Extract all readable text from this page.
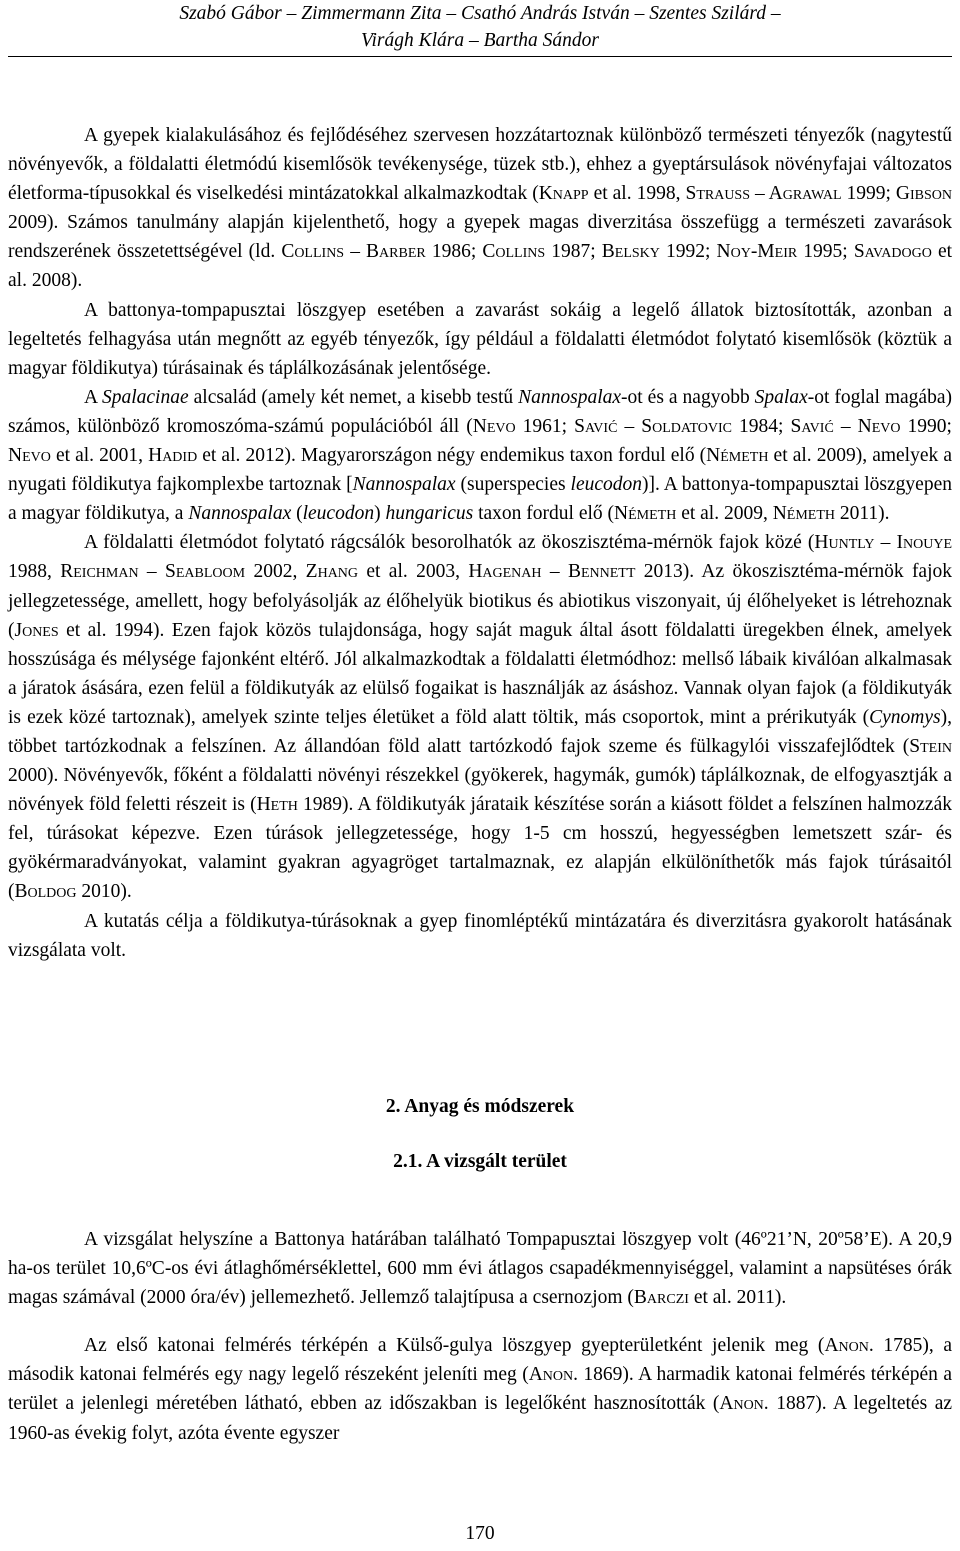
Szabó Gábor – Zimmermann Zita – Csathó András István – Szentes Szilárd –
Virágh Klára – Bartha Sándor

A gyepek kialakulásához és fejlődéséhez szervesen hozzátartoznak különböző természeti tényezők (nagytestű növényevők, a földalatti életmódú kisemlősök tevékenysége, tüzek stb.), ehhez a gyeptársulások növényfajai változatos életforma-típusokkal és viselkedési mintázatokkal alkalmazkodtak (Knapp et al. 1998, Strauss – Agrawal 1999; Gibson 2009). Számos tanulmány alapján kijelenthető, hogy a gyepek magas diverzitása összefügg a természeti zavarások rendszerének összetettségével (ld. Collins – Barber 1986; Collins 1987; Belsky 1992; Noy-Meir 1995; Savadogo et al. 2008).

A battonya-tompapusztai löszgyep esetében a zavarást sokáig a legelő állatok biztosították, azonban a legeltetés felhagyása után megnőtt az egyéb tényezők, így például a földalatti életmódot folytató kisemlősök (köztük a magyar földikutya) túrásainak és táplálkozásának jelentősége.

A Spalacinae alcsalád (amely két nemet, a kisebb testű Nannospalax-ot és a nagyobb Spalax-ot foglal magába) számos, különböző kromoszóma-számú populációból áll (Nevo 1961; Savić – Soldatovic 1984; Savić – Nevo 1990; Nevo et al. 2001, Hadid et al. 2012). Magyarországon négy endemikus taxon fordul elő (Németh et al. 2009), amelyek a nyugati földikutya fajkomplexbe tartoznak [Nannospalax (superspecies leucodon)]. A battonya-tompapusztai löszgyepen a magyar földikutya, a Nannospalax (leucodon) hungaricus taxon fordul elő (Németh et al. 2009, Németh 2011).

A földalatti életmódot folytató rágcsálók besorolhatók az ökoszisztéma-mérnök fajok közé (Huntly – Inouye 1988, Reichman – Seabloom 2002, Zhang et al. 2003, Hagenah – Bennett 2013). Az ökoszisztéma-mérnök fajok jellegzetessége, amellett, hogy befolyásolják az élőhelyük biotikus és abiotikus viszonyait, új élőhelyeket is létrehoznak (Jones et al. 1994). Ezen fajok közös tulajdonsága, hogy saját maguk által ásott földalatti üregekben élnek, amelyek hosszúsága és mélysége fajonként eltérő. Jól alkalmazkodtak a földalatti életmódhoz: mellső lábaik kiválóan alkalmasak a járatok ásására, ezen felül a földikutyák az elülső fogaikat is használják az ásáshoz. Vannak olyan fajok (a földikutyák is ezek közé tartoznak), amelyek szinte teljes életüket a föld alatt töltik, más csoportok, mint a prérikutyák (Cynomys), többet tartózkodnak a felszínen. Az állandóan föld alatt tartózkodó fajok szeme és fülkagylói visszafejlődtek (Stein 2000). Növényevők, főként a földalatti növényi részekkel (gyökerek, hagymák, gumók) táplálkoznak, de elfogyasztják a növények föld feletti részeit is (Heth 1989). A földikutyák járataik készítése során a kiásott földet a felszínen halmozzák fel, túrásokat képezve. Ezen túrások jellegzetessége, hogy 1-5 cm hosszú, hegyességben lemetszett szár- és gyökérmaradványokat, valamint gyakran agyagröget tartalmaznak, ez alapján elkülöníthetők más fajok túrásaitól (Boldog 2010).

A kutatás célja a földikutya-túrásoknak a gyep finomléptékű mintázatára és diverzitásra gyakorolt hatásának vizsgálata volt.

2. Anyag és módszerek
2.1. A vizsgált terület

A vizsgálat helyszíne a Battonya határában található Tompapusztai löszgyep volt (46º21’N, 20º58’E). A 20,9 ha-os terület 10,6ºC-os évi átlaghőmérséklettel, 600 mm évi átlagos csapadékmennyiséggel, valamint a napsütéses órák magas számával (2000 óra/év) jellemezhető. Jellemző talajtípusa a csernozjom (Barczi et al. 2011).

Az első katonai felmérés térképén a Külső-gulya löszgyep gyepterületként jelenik meg (Anon. 1785), a második katonai felmérés egy nagy legelő részeként jeleníti meg (Anon. 1869). A harmadik katonai felmérés térképén a terület a jelenlegi méretében látható, ebben az időszakban is legelőként hasznosították (Anon. 1887). A legeltetés az 1960-as évekig folyt, azóta évente egyszer

170
